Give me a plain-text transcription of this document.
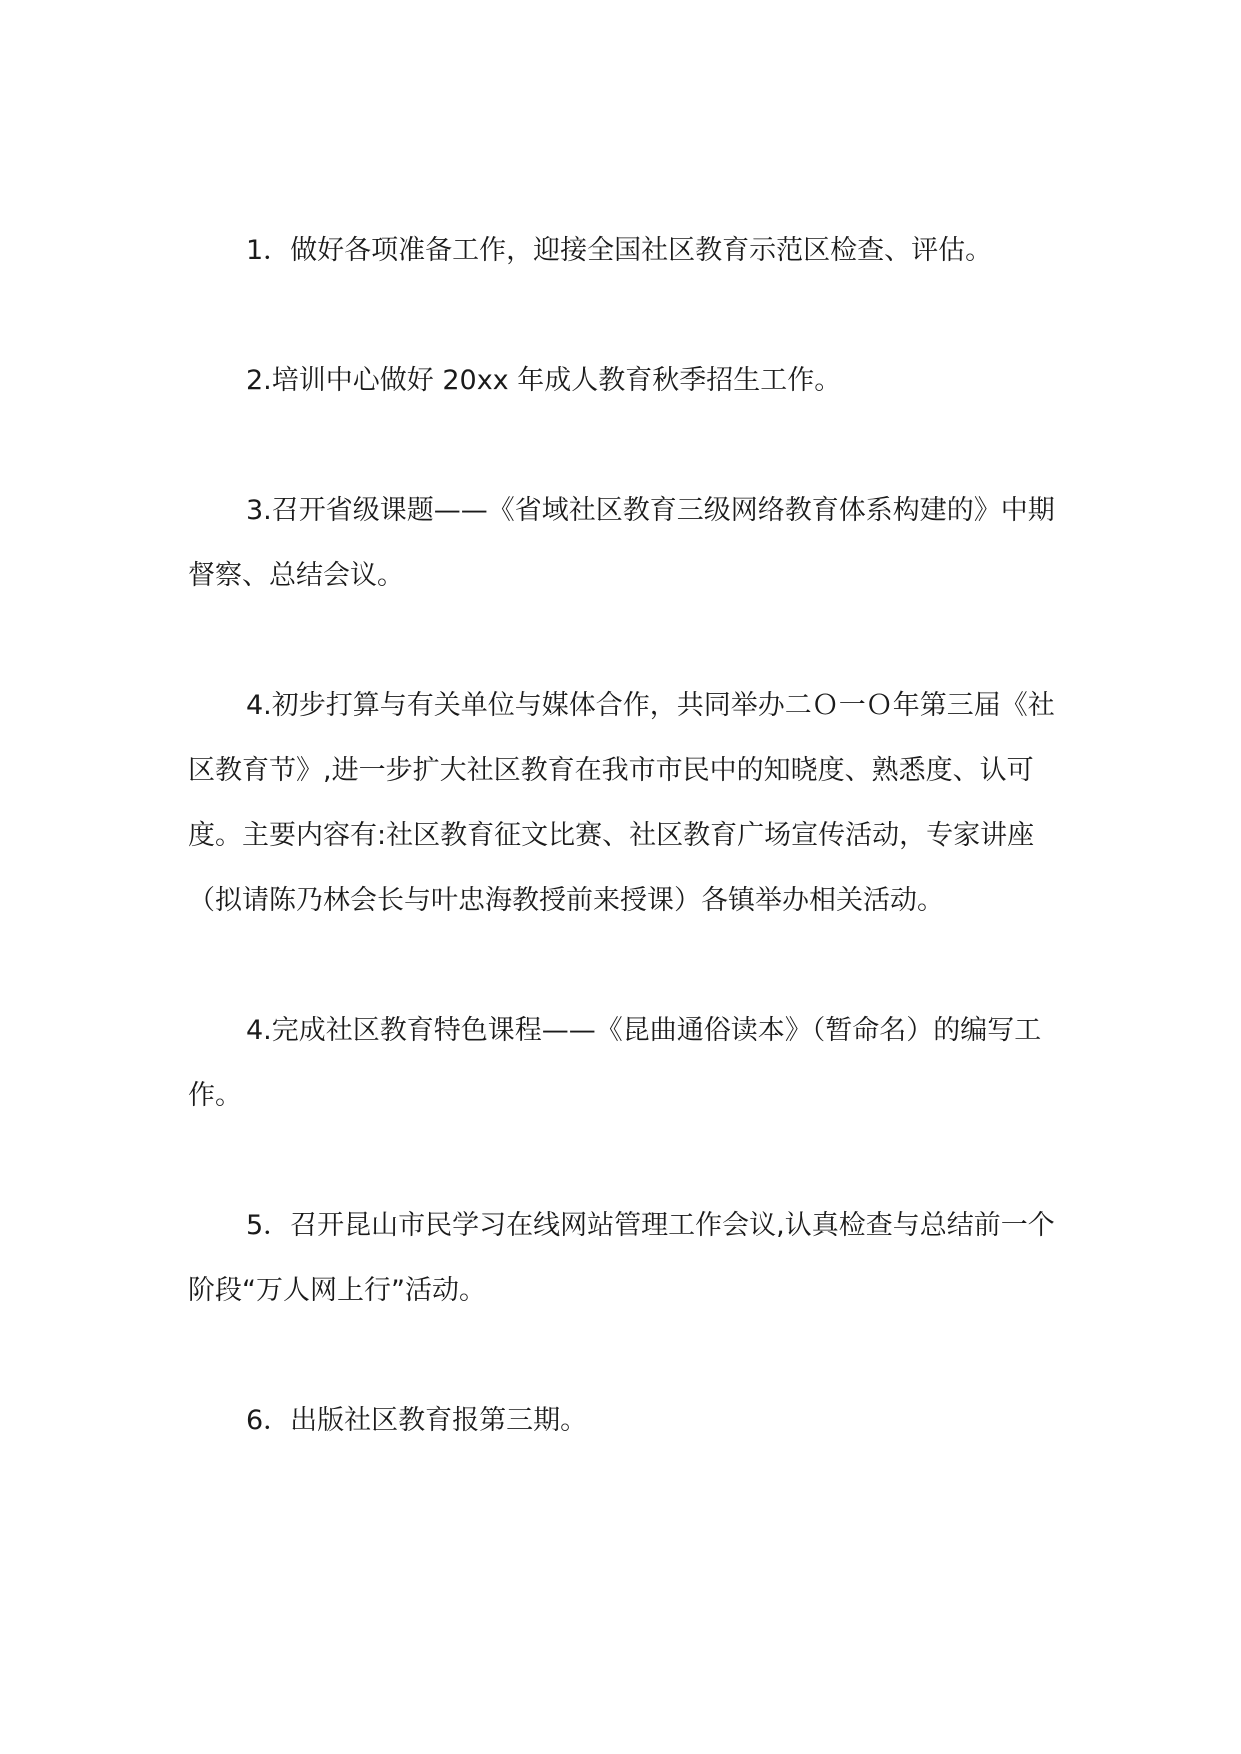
1．做好各项准备工作，迎接全国社区教育示范区检查、评估。

2.培训中心做好 20xx 年成人教育秋季招生工作。

3.召开省级课题——《省域社区教育三级网络教育体系构建的》中期督察、总结会议。

4.初步打算与有关单位与媒体合作，共同举办二Ｏ一Ｏ年第三届《社区教育节》,进一步扩大社区教育在我市市民中的知晓度、熟悉度、认可度。主要内容有:社区教育征文比赛、社区教育广场宣传活动，专家讲座（拟请陈乃林会长与叶忠海教授前来授课）各镇举办相关活动。

4.完成社区教育特色课程——《昆曲通俗读本》（暂命名）的编写工作。

5．召开昆山市民学习在线网站管理工作会议,认真检查与总结前一个阶段“万人网上行”活动。

6．出版社区教育报第三期。
